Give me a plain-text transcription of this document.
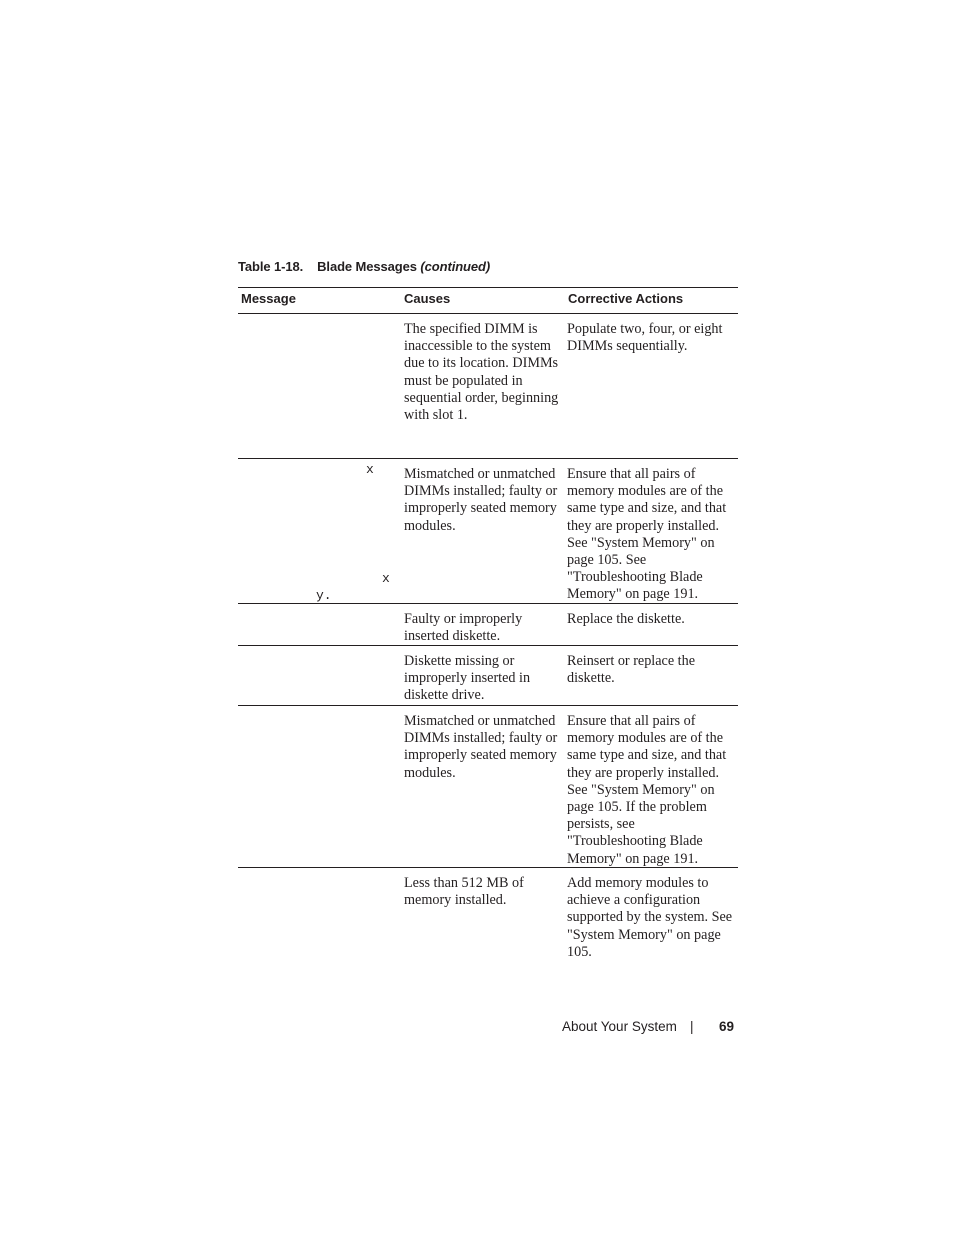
Table 1-18. Blade Messages (continued)
Message	Causes	Corrective Actions
x
The specified DIMM is inaccessible to the system due to its location. DIMMs must be populated in sequential order, beginning with slot 1.
Populate two, four, or eight DIMMs sequentially.
x
y.
Mismatched or unmatched DIMMs installed; faulty or improperly seated memory modules.
Ensure that all pairs of memory modules are of the same type and size, and that they are properly installed. See "System Memory" on page 105. See "Troubleshooting Blade Memory" on page 191.
Faulty or improperly inserted diskette.
Replace the diskette.
Diskette missing or improperly inserted in diskette drive.
Reinsert or replace the diskette.
Mismatched or unmatched DIMMs installed; faulty or improperly seated memory modules.
Ensure that all pairs of memory modules are of the same type and size, and that they are properly installed. See "System Memory" on page 105. If the problem persists, see "Troubleshooting Blade Memory" on page 191.
Less than 512 MB of memory installed.
Add memory modules to achieve a configuration supported by the system. See "System Memory" on page 105.
About Your System | 69
